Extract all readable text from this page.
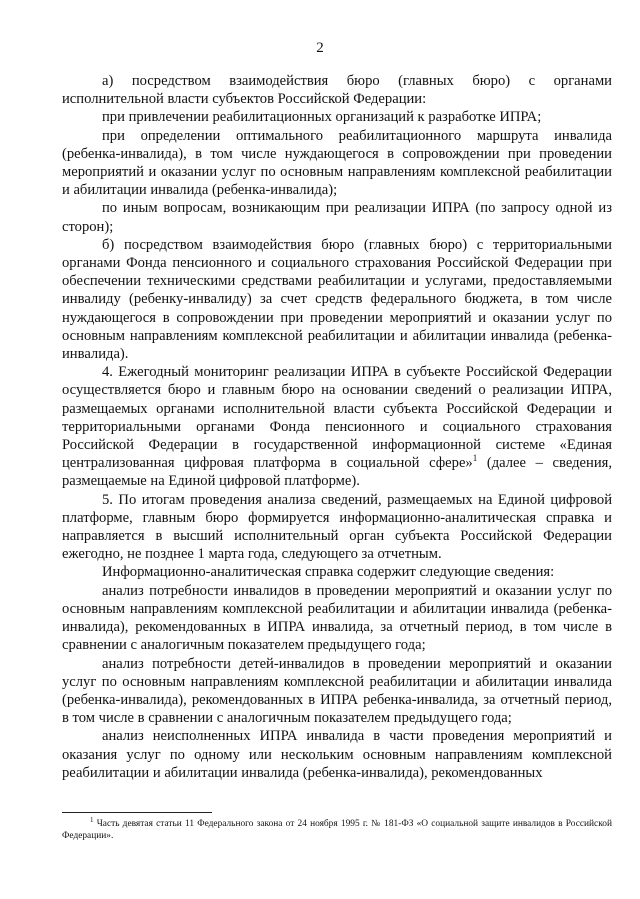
2

а) посредством взаимодействия бюро (главных бюро) с органами исполнительной власти субъектов Российской Федерации:

при привлечении реабилитационных организаций к разработке ИПРА;

при определении оптимального реабилитационного маршрута инвалида (ребенка-инвалида), в том числе нуждающегося в сопровождении при проведении мероприятий и оказании услуг по основным направлениям комплексной реабилитации и абилитации инвалида (ребенка-инвалида);

по иным вопросам, возникающим при реализации ИПРА (по запросу одной из сторон);

б) посредством взаимодействия бюро (главных бюро) с территориальными органами Фонда пенсионного и социального страхования Российской Федерации при обеспечении техническими средствами реабилитации и услугами, предоставляемыми инвалиду (ребенку-инвалиду) за счет средств федерального бюджета, в том числе нуждающегося в сопровождении при проведении мероприятий и оказании услуг по основным направлениям комплексной реабилитации и абилитации инвалида (ребенка-инвалида).

4. Ежегодный мониторинг реализации ИПРА в субъекте Российской Федерации осуществляется бюро и главным бюро на основании сведений о реализации ИПРА, размещаемых органами исполнительной власти субъекта Российской Федерации и территориальными органами Фонда пенсионного и социального страхования Российской Федерации в государственной информационной системе «Единая централизованная цифровая платформа в социальной сфере»$^1$ (далее – сведения, размещаемые на Единой цифровой платформе).

5. По итогам проведения анализа сведений, размещаемых на Единой цифровой платформе, главным бюро формируется информационно-аналитическая справка и направляется в высший исполнительный орган субъекта Российской Федерации ежегодно, не позднее 1 марта года, следующего за отчетным.

Информационно-аналитическая справка содержит следующие сведения:

анализ потребности инвалидов в проведении мероприятий и оказании услуг по основным направлениям комплексной реабилитации и абилитации инвалида (ребенка-инвалида), рекомендованных в ИПРА инвалида, за отчетный период, в том числе в сравнении с аналогичным показателем предыдущего года;

анализ потребности детей-инвалидов в проведении мероприятий и оказании услуг по основным направлениям комплексной реабилитации и абилитации инвалида (ребенка-инвалида), рекомендованных в ИПРА ребенка-инвалида, за отчетный период, в том числе в сравнении с аналогичным показателем предыдущего года;

анализ неисполненных ИПРА инвалида в части проведения мероприятий и оказания услуг по одному или нескольким основным направлениям комплексной реабилитации и абилитации инвалида (ребенка-инвалида), рекомендованных

$^1$ Часть девятая статьи 11 Федерального закона от 24 ноября 1995 г. № 181-ФЗ «О социальной защите инвалидов в Российской Федерации».
